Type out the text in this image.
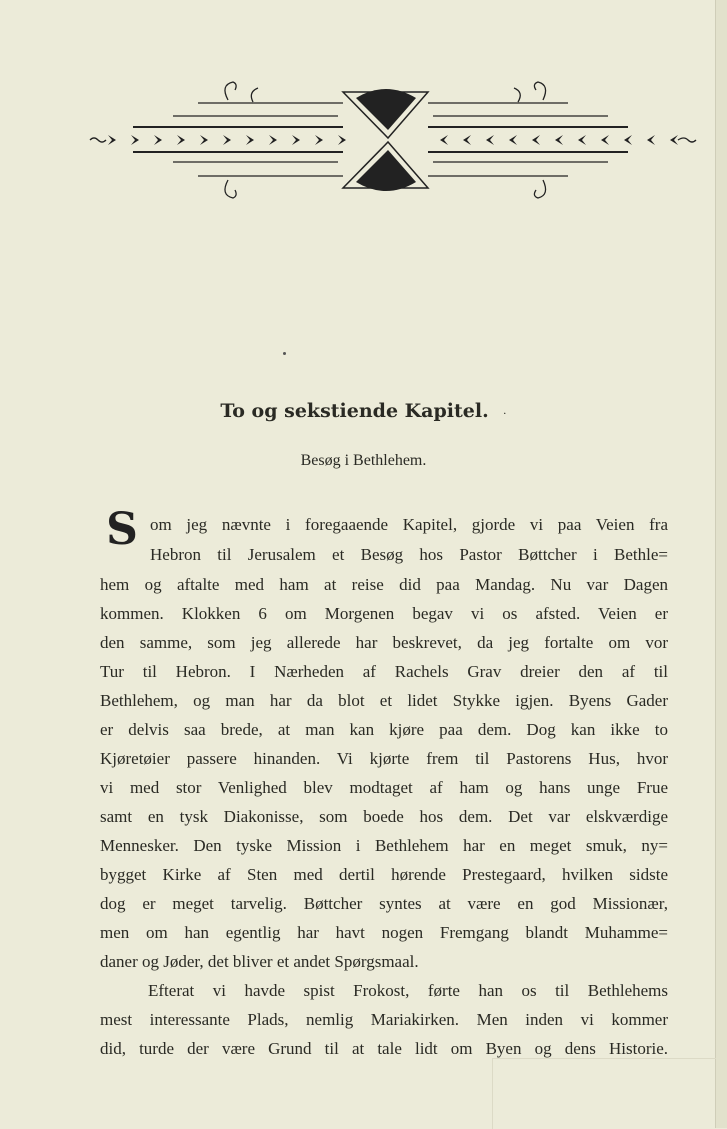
To og sekstiende Kapitel. ·
Besøg i Bethlehem.
S om jeg nævnte i foregaaende Kapitel, gjorde vi paa Veien fra
Hebron til Jerusalem et Besøg hos Pastor Bøttcher i Bethle=
hem og aftalte med ham at reise did paa Mandag. Nu var Dagen
kommen. Klokken 6 om Morgenen begav vi os afsted. Veien er
den samme, som jeg allerede har beskrevet, da jeg fortalte om vor
Tur til Hebron. I Nærheden af Rachels Grav dreier den af til
Bethlehem, og man har da blot et lidet Stykke igjen. Byens Gader
er delvis saa brede, at man kan kjøre paa dem. Dog kan ikke to
Kjøretøier passere hinanden. Vi kjørte frem til Pastorens Hus, hvor
vi med stor Venlighed blev modtaget af ham og hans unge Frue
samt en tysk Diakonisse, som boede hos dem. Det var elskværdige
Mennesker. Den tyske Mission i Bethlehem har en meget smuk, ny=
bygget Kirke af Sten med dertil hørende Prestegaard, hvilken sidste
dog er meget tarvelig. Bøttcher syntes at være en god Missionær,
men om han egentlig har havt nogen Fremgang blandt Muhamme=
daner og Jøder, det bliver et andet Spørgsmaal.
Efterat vi havde spist Frokost, førte han os til Bethlehems
mest interessante Plads, nemlig Mariakirken. Men inden vi kommer
did, turde der være Grund til at tale lidt om Byen og dens Historie.
